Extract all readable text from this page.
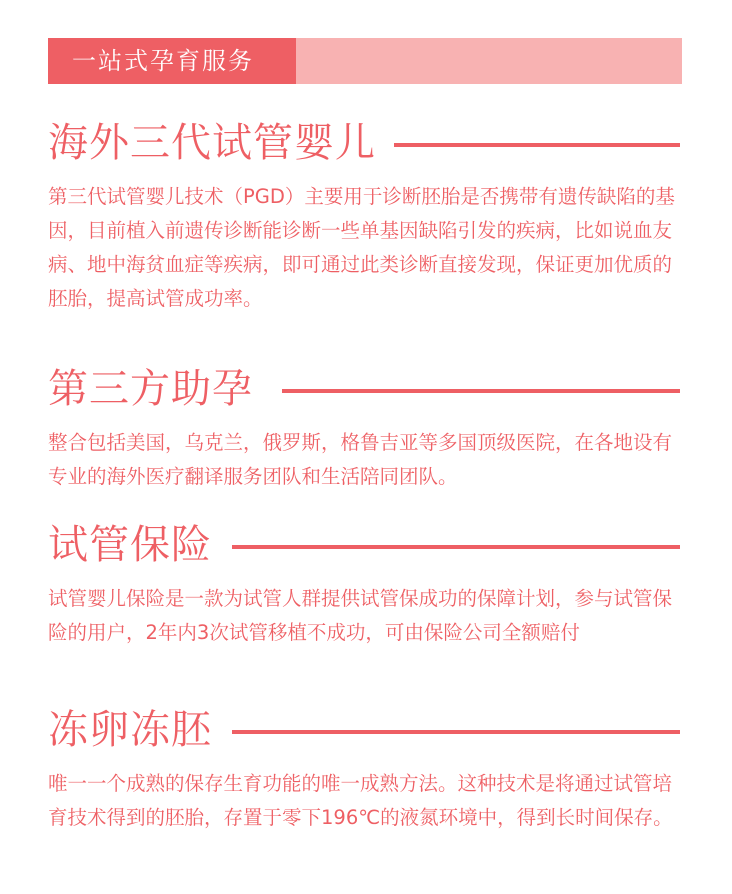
一站式孕育服务
海外三代试管婴儿
第三代试管婴儿技术（PGD）主要用于诊断胚胎是否携带有遗传缺陷的基因，目前植入前遗传诊断能诊断一些单基因缺陷引发的疾病，比如说血友病、地中海贫血症等疾病，即可通过此类诊断直接发现，保证更加优质的胚胎，提高试管成功率。
第三方助孕
整合包括美国，乌克兰，俄罗斯，格鲁吉亚等多国顶级医院，在各地设有专业的海外医疗翻译服务团队和生活陪同团队。
试管保险
试管婴儿保险是一款为试管人群提供试管保成功的保障计划，参与试管保险的用户，2年内3次试管移植不成功，可由保险公司全额赔付
冻卵冻胚
唯一一个成熟的保存生育功能的唯一成熟方法。这种技术是将通过试管培育技术得到的胚胎，存置于零下196℃的液氮环境中，得到长时间保存。
